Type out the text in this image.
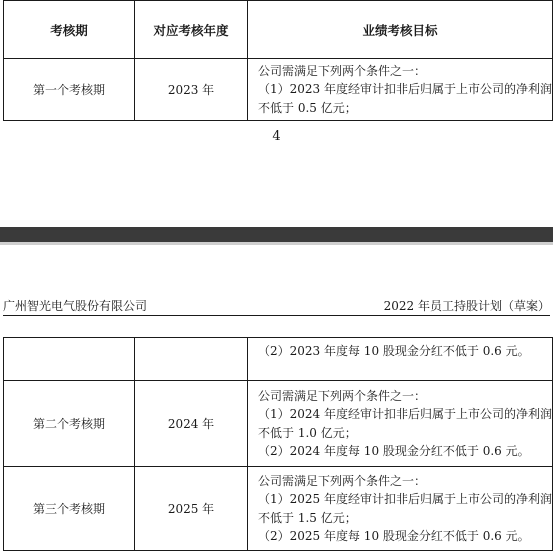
考核期	对应考核年度	业绩考核目标
第一个考核期	2023 年	公司需满足下列两个条件之一：
（1）2023 年度经审计扣非后归属于上市公司的净利润
不低于 0.5 亿元；
4
广州智光电气股份有限公司	2022 年员工持股计划（草案）

		（2）2023 年度每 10 股现金分红不低于 0.6 元。

第二个考核期	2024 年	公司需满足下列两个条件之一：
（1）2024 年度经审计扣非后归属于上市公司的净利润
不低于 1.0 亿元；
（2）2024 年度每 10 股现金分红不低于 0.6 元。

第三个考核期	2025 年	公司需满足下列两个条件之一：
（1）2025 年度经审计扣非后归属于上市公司的净利润
不低于 1.5 亿元；
（2）2025 年度每 10 股现金分红不低于 0.6 元。
